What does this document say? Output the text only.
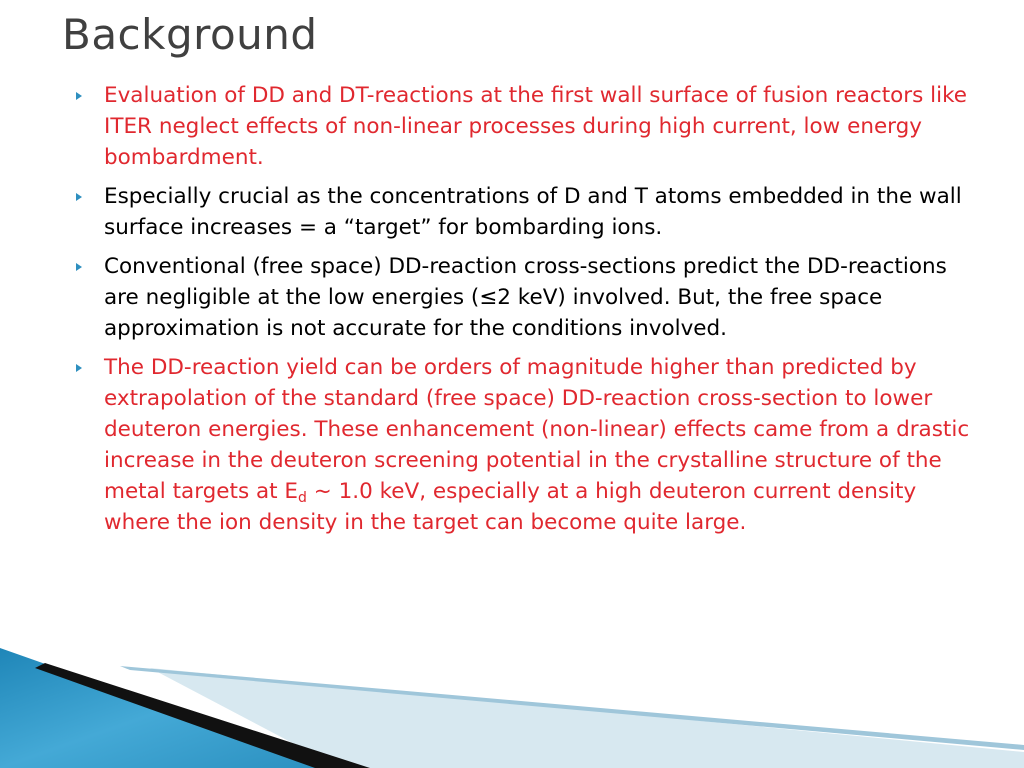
Background
Evaluation of DD and DT-reactions at the first wall surface of fusion reactors like ITER neglect effects of non-linear processes during high current, low energy bombardment.
Especially crucial as the concentrations of D and T atoms embedded in the wall surface increases = a “target” for bombarding ions.
Conventional (free space) DD-reaction cross-sections predict the DD-reactions are negligible at the low energies (≤2 keV) involved. But, the free space approximation is not accurate for the conditions involved.
The DD-reaction yield can be orders of magnitude higher than predicted by extrapolation of the standard (free space) DD-reaction cross-section to lower deuteron energies. These enhancement (non-linear) effects came from a drastic increase in the deuteron screening potential in the crystalline structure of the metal targets at $E_d$ ~ 1.0 keV, especially at a high deuteron current density where the ion density in the target can become quite large.
